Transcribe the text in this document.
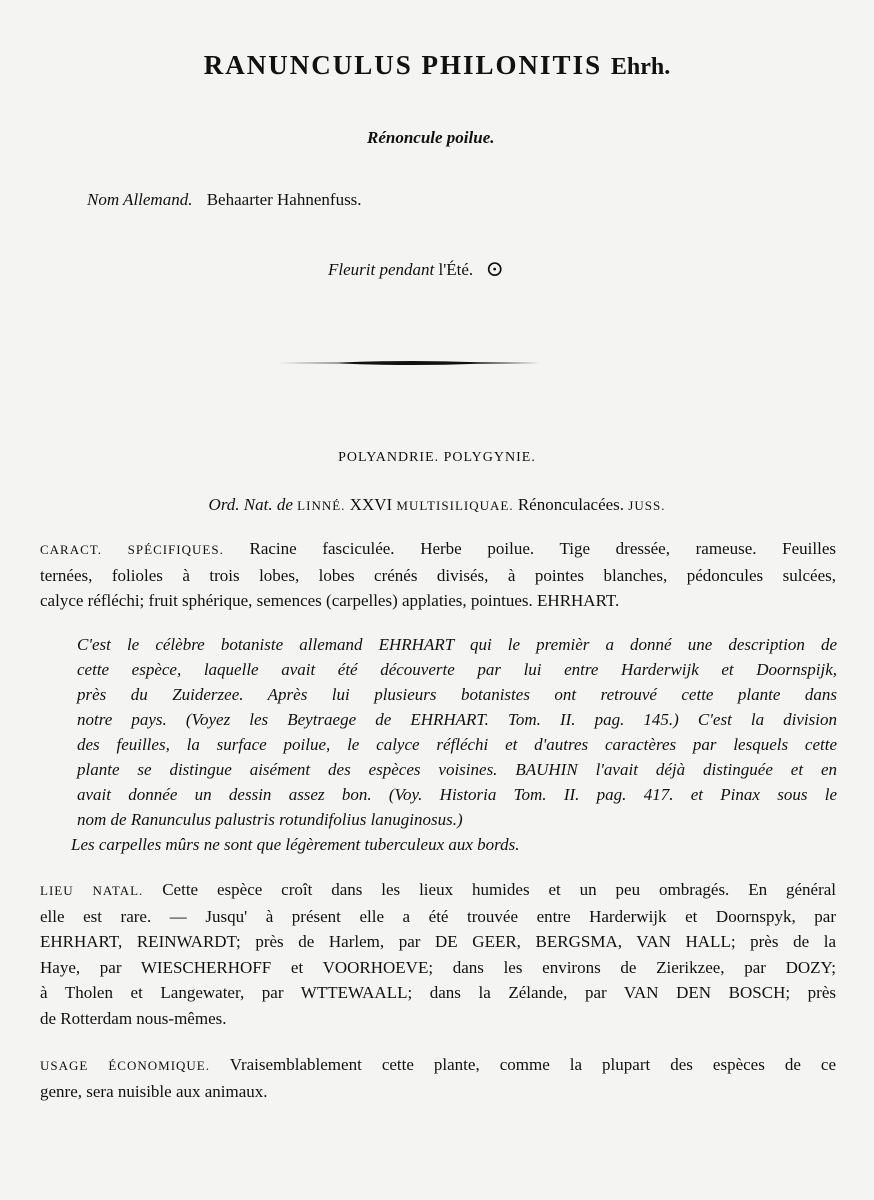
RANUNCULUS PHILONITIS Ehrh.
Rénoncule poilue.
Nom Allemand. Behaarter Hahnenfuss.
Fleurit pendant l'Été. ⊙
POLYANDRIE. POLYGYNIE.
Ord. Nat. de LINNÉ. XXVI MULTISILIQUAE. Rénonculacées. JUSS.
CARACT. SPÉCIFIQUES. Racine fasciculée. Herbe poilue. Tige dressée, rameuse. Feuilles
ternées, folioles à trois lobes, lobes crénés divisés, à pointes blanches, pédoncules sulcées,
calyce réfléchi; fruit sphérique, semences (carpelles) applaties, pointues. EHRHART.
C'est le célèbre botaniste allemand EHRHART qui le premièr a donné une description de
cette espèce, laquelle avait été découverte par lui entre Harderwijk et Doornspijk,
près du Zuiderzee. Après lui plusieurs botanistes ont retrouvé cette plante dans
notre pays. (Voyez les Beytraege de EHRHART. Tom. II. pag. 145.) C'est la division
des feuilles, la surface poilue, le calyce réfléchi et d'autres caractères par lesquels cette
plante se distingue aisément des espèces voisines. BAUHIN l'avait déjà distinguée et en
avait donnée un dessin assez bon. (Voy. Historia Tom. II. pag. 417. et Pinax sous le
nom de Ranunculus palustris rotundifolius lanuginosus.)
Les carpelles mûrs ne sont que légèrement tuberculeux aux bords.
LIEU NATAL. Cette espèce croît dans les lieux humides et un peu ombragés. En général
elle est rare. — Jusqu' à présent elle a été trouvée entre Harderwijk et Doornspyk, par
EHRHART, REINWARDT; près de Harlem, par DE GEER, BERGSMA, VAN HALL; près de la
Haye, par WIESCHERHOFF et VOORHOEVE; dans les environs de Zierikzee, par DOZY;
à Tholen et Langewater, par WTTEWAALL; dans la Zélande, par VAN DEN BOSCH; près
de Rotterdam nous-mêmes.
USAGE ÉCONOMIQUE. Vraisemblablement cette plante, comme la plupart des espèces de ce
genre, sera nuisible aux animaux.
